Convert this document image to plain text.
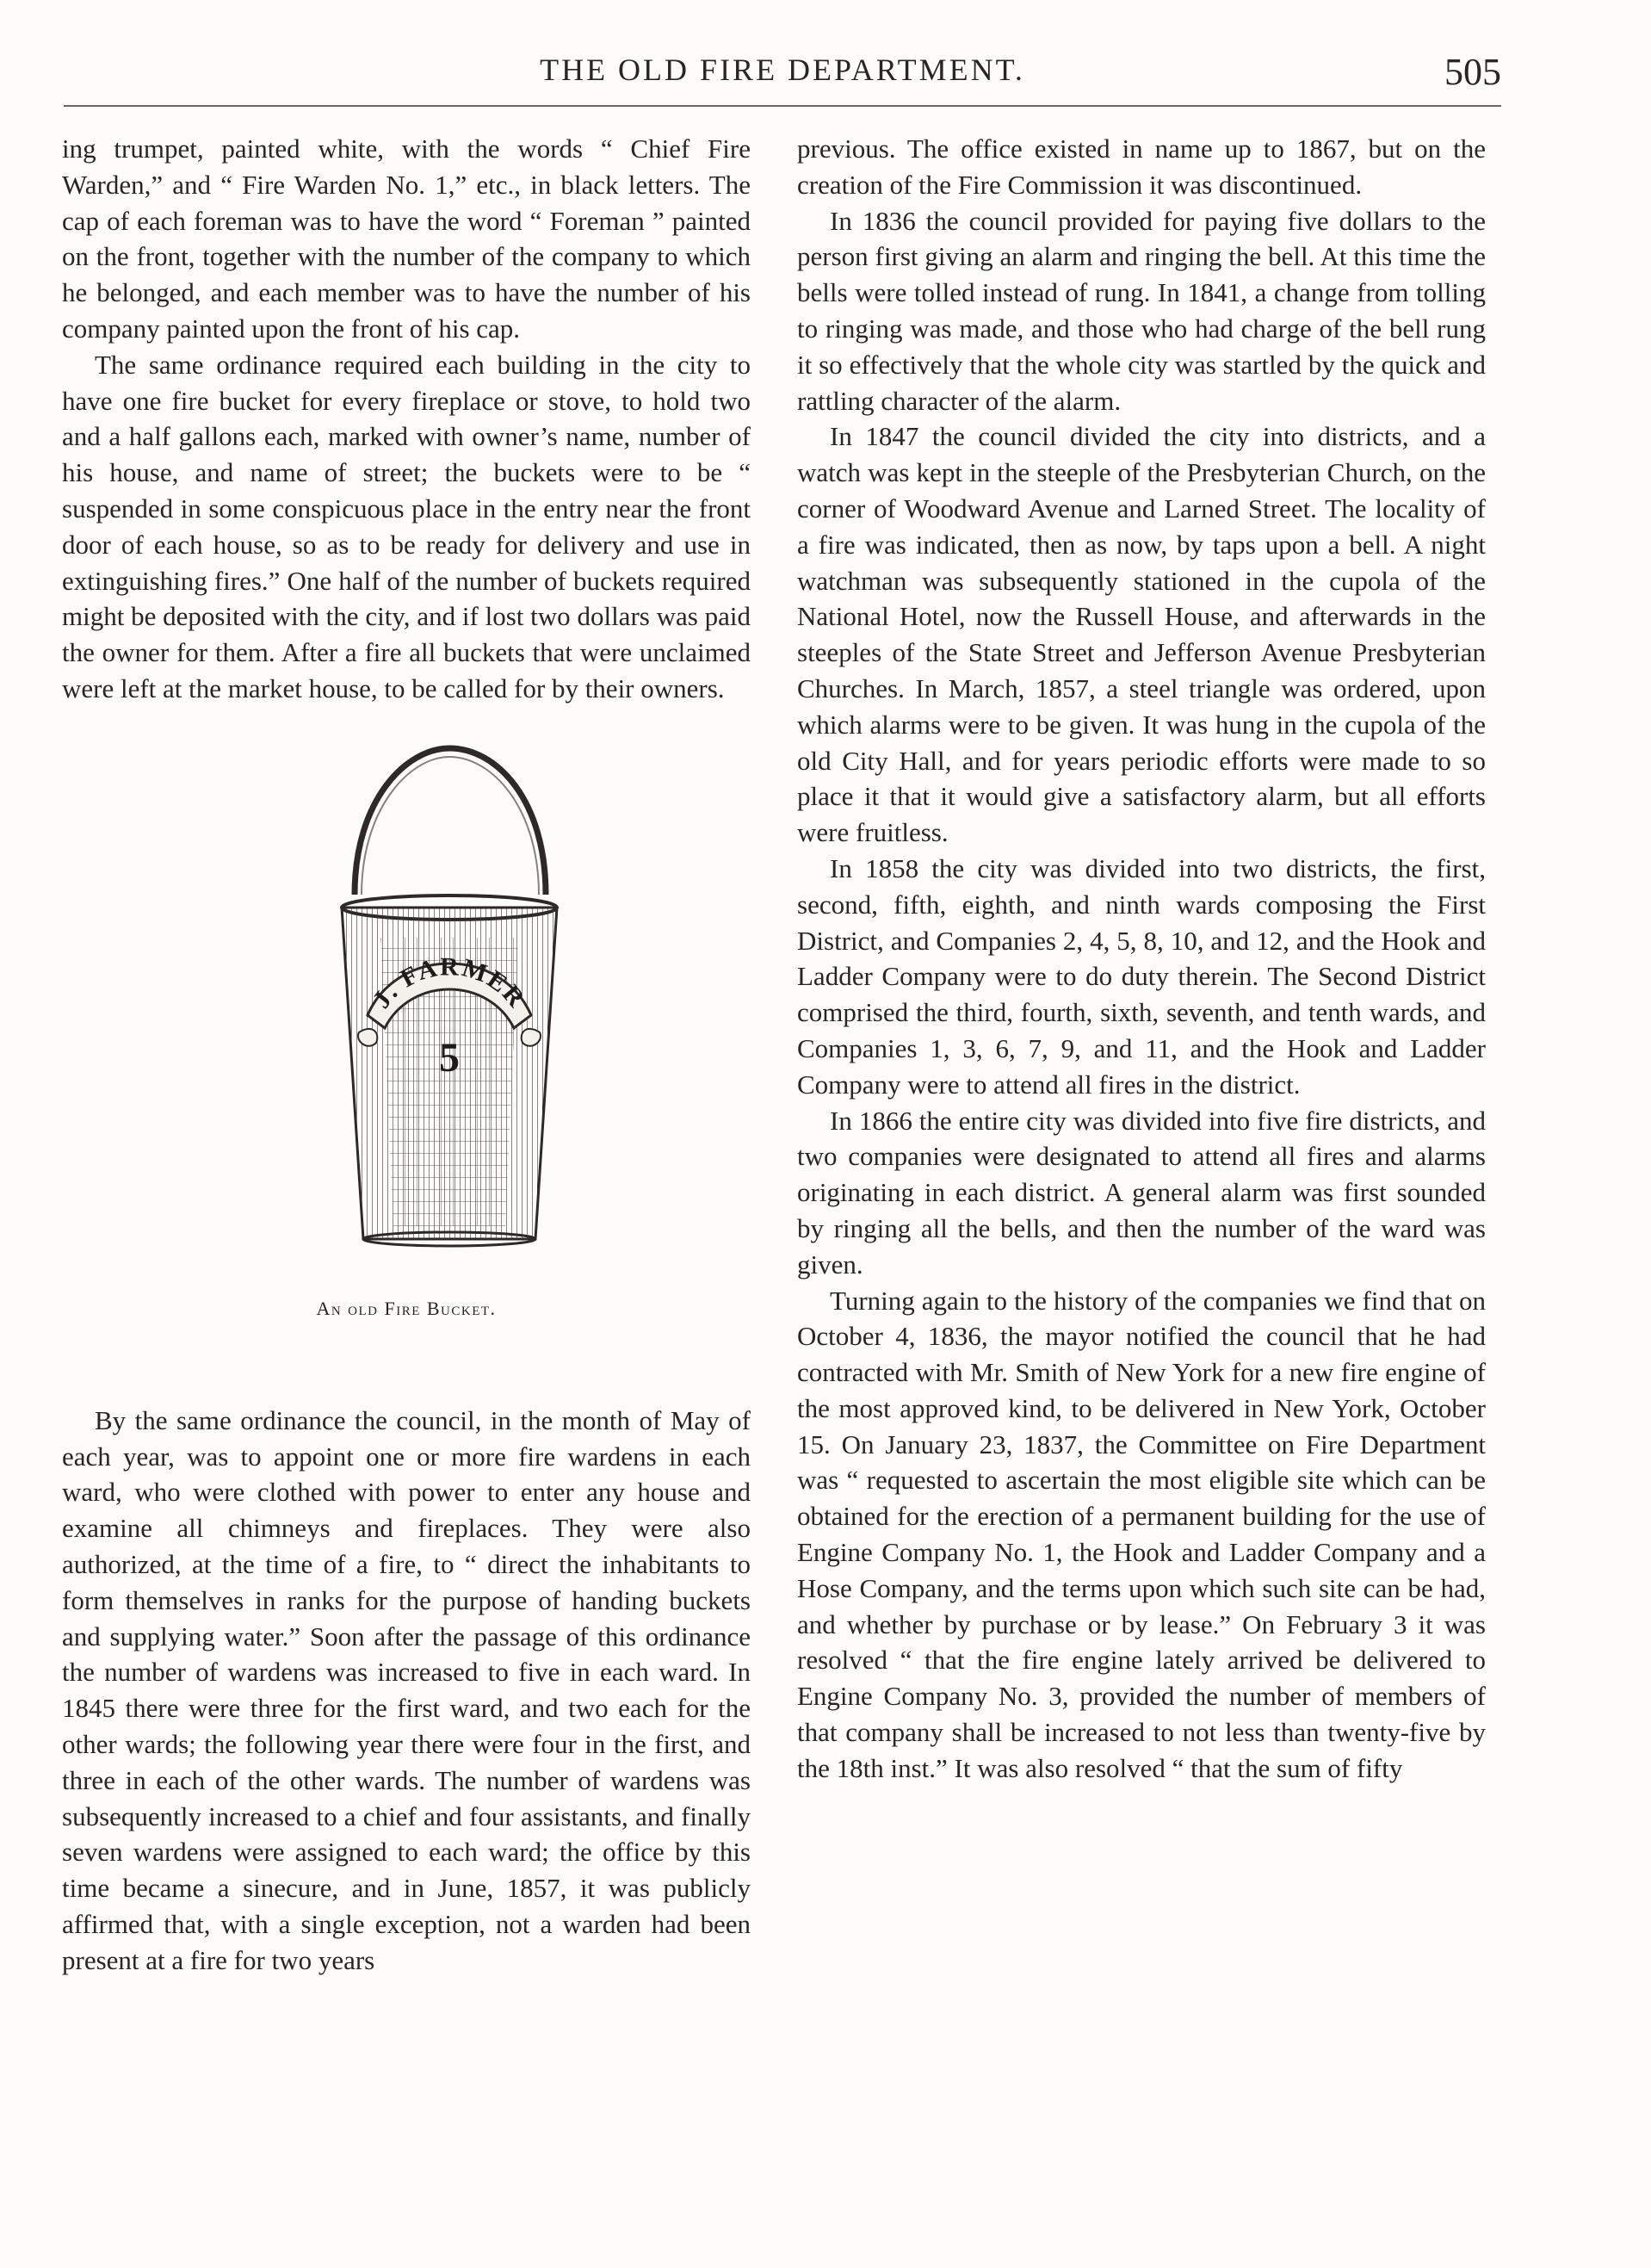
THE OLD FIRE DEPARTMENT.	505

ing trumpet, painted white, with the words “ Chief Fire Warden,” and “ Fire Warden No. 1,” etc., in black letters. The cap of each foreman was to have the word “ Foreman ” painted on the front, together with the number of the company to which he belonged, and each member was to have the number of his company painted upon the front of his cap.

The same ordinance required each building in the city to have one fire bucket for every fireplace or stove, to hold two and a half gallons each, marked with owner’s name, number of his house, and name of street; the buckets were to be “ suspended in some conspicuous place in the entry near the front door of each house, so as to be ready for delivery and use in extinguishing fires.” One half of the number of buckets required might be deposited with the city, and if lost two dollars was paid the owner for them. After a fire all buckets that were unclaimed were left at the market house, to be called for by their owners.

J. FARMER
5
An old Fire Bucket.

By the same ordinance the council, in the month of May of each year, was to appoint one or more fire wardens in each ward, who were clothed with power to enter any house and examine all chimneys and fireplaces. They were also authorized, at the time of a fire, to “ direct the inhabitants to form themselves in ranks for the purpose of handing buckets and supplying water.” Soon after the passage of this ordinance the number of wardens was increased to five in each ward. In 1845 there were three for the first ward, and two each for the other wards; the following year there were four in the first, and three in each of the other wards. The number of wardens was subsequently increased to a chief and four assistants, and finally seven wardens were assigned to each ward; the office by this time became a sinecure, and in June, 1857, it was publicly affirmed that, with a single exception, not a warden had been present at a fire for two years

previous. The office existed in name up to 1867, but on the creation of the Fire Commission it was discontinued.

In 1836 the council provided for paying five dollars to the person first giving an alarm and ringing the bell. At this time the bells were tolled instead of rung. In 1841, a change from tolling to ringing was made, and those who had charge of the bell rung it so effectively that the whole city was startled by the quick and rattling character of the alarm.

In 1847 the council divided the city into districts, and a watch was kept in the steeple of the Presbyterian Church, on the corner of Woodward Avenue and Larned Street. The locality of a fire was indicated, then as now, by taps upon a bell. A night watchman was subsequently stationed in the cupola of the National Hotel, now the Russell House, and afterwards in the steeples of the State Street and Jefferson Avenue Presbyterian Churches. In March, 1857, a steel triangle was ordered, upon which alarms were to be given. It was hung in the cupola of the old City Hall, and for years periodic efforts were made to so place it that it would give a satisfactory alarm, but all efforts were fruitless.

In 1858 the city was divided into two districts, the first, second, fifth, eighth, and ninth wards composing the First District, and Companies 2, 4, 5, 8, 10, and 12, and the Hook and Ladder Company were to do duty therein. The Second District comprised the third, fourth, sixth, seventh, and tenth wards, and Companies 1, 3, 6, 7, 9, and 11, and the Hook and Ladder Company were to attend all fires in the district.

In 1866 the entire city was divided into five fire districts, and two companies were designated to attend all fires and alarms originating in each district. A general alarm was first sounded by ringing all the bells, and then the number of the ward was given.

Turning again to the history of the companies we find that on October 4, 1836, the mayor notified the council that he had contracted with Mr. Smith of New York for a new fire engine of the most approved kind, to be delivered in New York, October 15. On January 23, 1837, the Committee on Fire Department was “ requested to ascertain the most eligible site which can be obtained for the erection of a permanent building for the use of Engine Company No. 1, the Hook and Ladder Company and a Hose Company, and the terms upon which such site can be had, and whether by purchase or by lease.” On February 3 it was resolved “ that the fire engine lately arrived be delivered to Engine Company No. 3, provided the number of members of that company shall be increased to not less than twenty-five by the 18th inst.” It was also resolved “ that the sum of fifty
